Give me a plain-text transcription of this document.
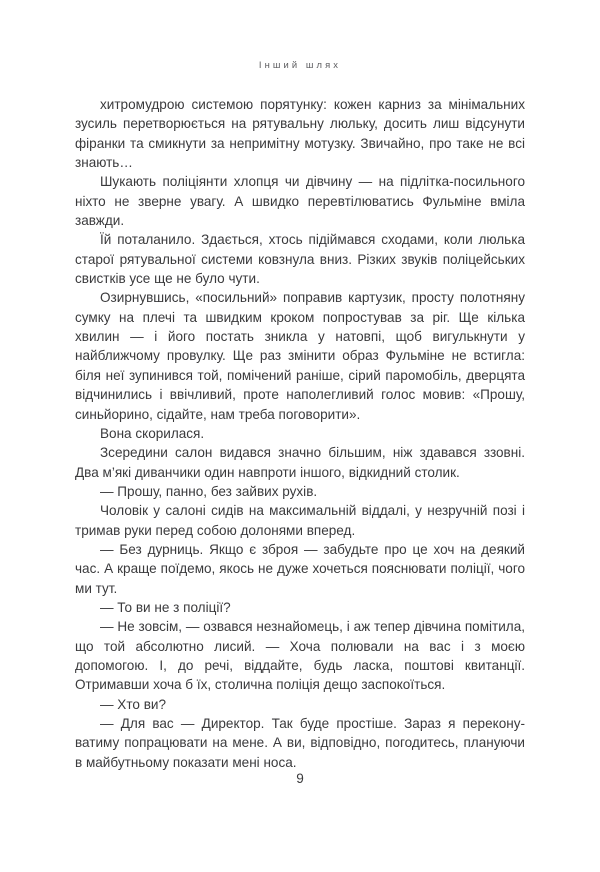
Інший шлях

хитромудрою системою порятунку: кожен карниз за мінімальних зусиль перетворюється на рятувальну люльку, досить лиш відсунути фіранки та смикнути за непримітну мотузку. Звичайно, про таке не всі знають…

Шукають поліціянти хлопця чи дівчину — на підлітка-посильного ніхто не зверне увагу. А швидко перевтілюватись Фульміне вміла завжди.

Їй поталанило. Здається, хтось підіймався сходами, коли люлька старої рятувальної системи ковзнула вниз. Різких звуків поліцейських свистків усе ще не було чути.

Озирнувшись, «посильний» поправив картузик, просту полотняну сумку на плечі та швидким кроком попростував за ріг. Ще кілька хвилин — і його постать зникла у натовпі, щоб вигулькнути у найближчому провулку. Ще раз змінити образ Фульміне не встигла: біля неї зупинився той, помічений раніше, сірий паромобіль, дверцята відчинились і ввічливий, проте наполегливий голос мовив: «Прошу, синьйорино, сідайте, нам треба поговорити».

Вона скорилася.

Зсередини салон видався значно більшим, ніж здавався ззовні. Два м’які диванчики один навпроти іншого, відкидний столик.

— Прошу, панно, без зайвих рухів.

Чоловік у салоні сидів на максимальній віддалі, у незручній позі і тримав руки перед собою долонями вперед.

— Без дурниць. Якщо є зброя — забудьте про це хоч на деякий час. А краще поїдемо, якось не дуже хочеться пояснювати поліції, чого ми тут.

— То ви не з поліції?

— Не зовсім, — озвався незнайомець, і аж тепер дівчина помітила, що той абсолютно лисий. — Хоча полювали на вас і з моєю допомогою. І, до речі, віддайте, будь ласка, поштові квитанції. Отримавши хоча б їх, столична поліція дещо заспокоїться.

— Хто ви?

— Для вас — Директор. Так буде простіше. Зараз я переконуватиму попрацювати на мене. А ви, відповідно, погодитесь, плануючи в майбутньому показати мені носа.

9
